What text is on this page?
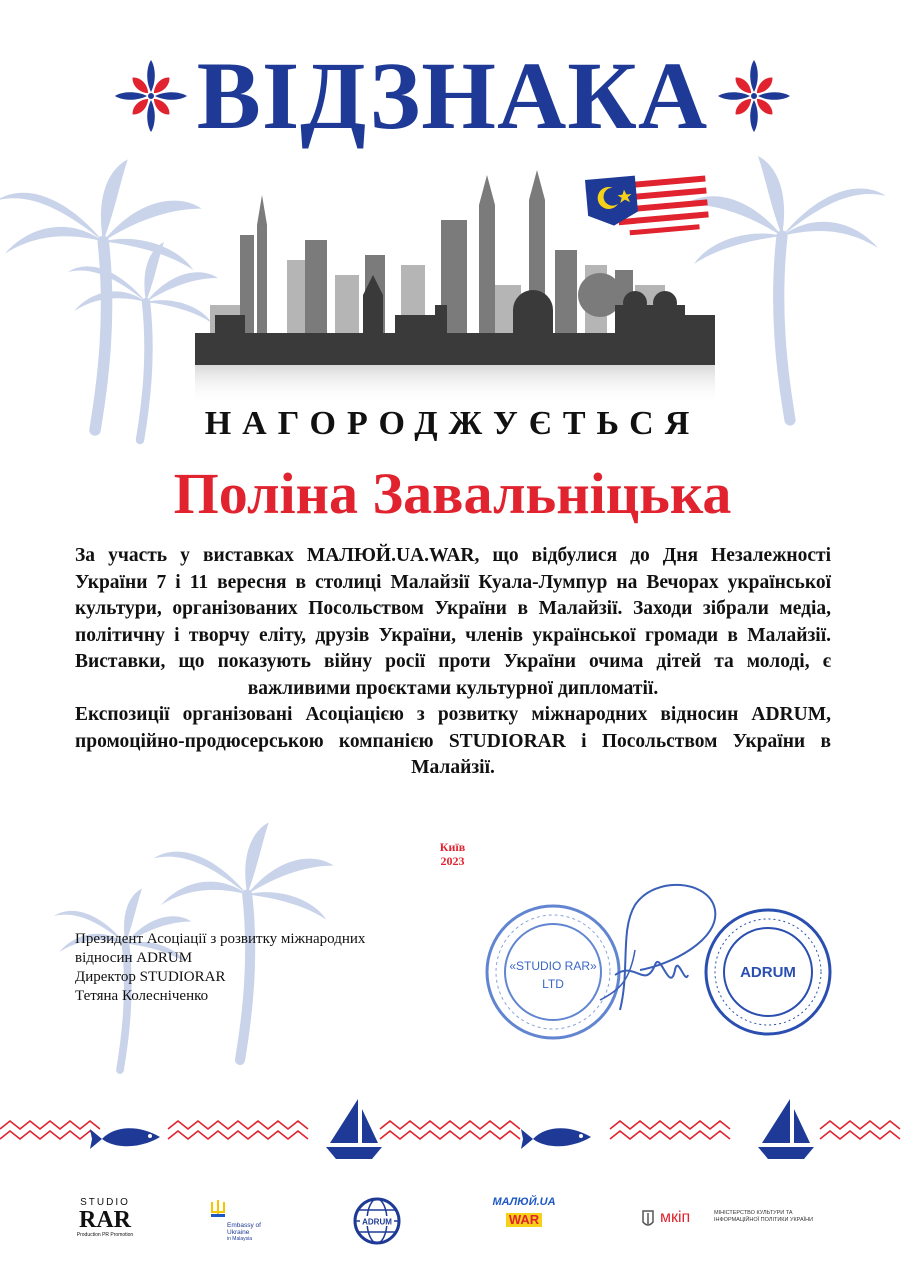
ВІДЗНАКА
НАГОРОДЖУЄТЬСЯ
Поліна Завальніцька

За участь у виставках МАЛЮЙ.UA.WAR, що відбулися до Дня Незалежності України 7 і 11 вересня в столиці Малайзії Куала-Лумпур на Вечорах української культури, організованих Посольством України в Малайзії. Заходи зібрали медіа, політичну і творчу еліту, друзів України, членів української громади в Малайзії. Виставки, що показують війну росії проти України очима дітей та молоді, є важливими проєктами культурної дипломатії.

Експозиції організовані Асоціацією з розвитку міжнародних відносин ADRUM, промоційно-продюсерською компанією STUDIORAR і Посольством України в Малайзії.

Київ
2023
Президент Асоціації з розвитку міжнародних
відносин ADRUM
Директор STUDIORAR
Тетяна Колесніченко
«STUDIO RAR»
LTD
ADRUM
STUDIO
RAR
Production PR Promotion
Embassy of Ukraine
in Malaysia
ADRUM
МАЛЮЙ.UA
WAR	мкіп	МІНІСТЕРСТВО КУЛЬТУРИ ТА ІНФОРМАЦІЙНОЇ ПОЛІТИКИ УКРАЇНИ
